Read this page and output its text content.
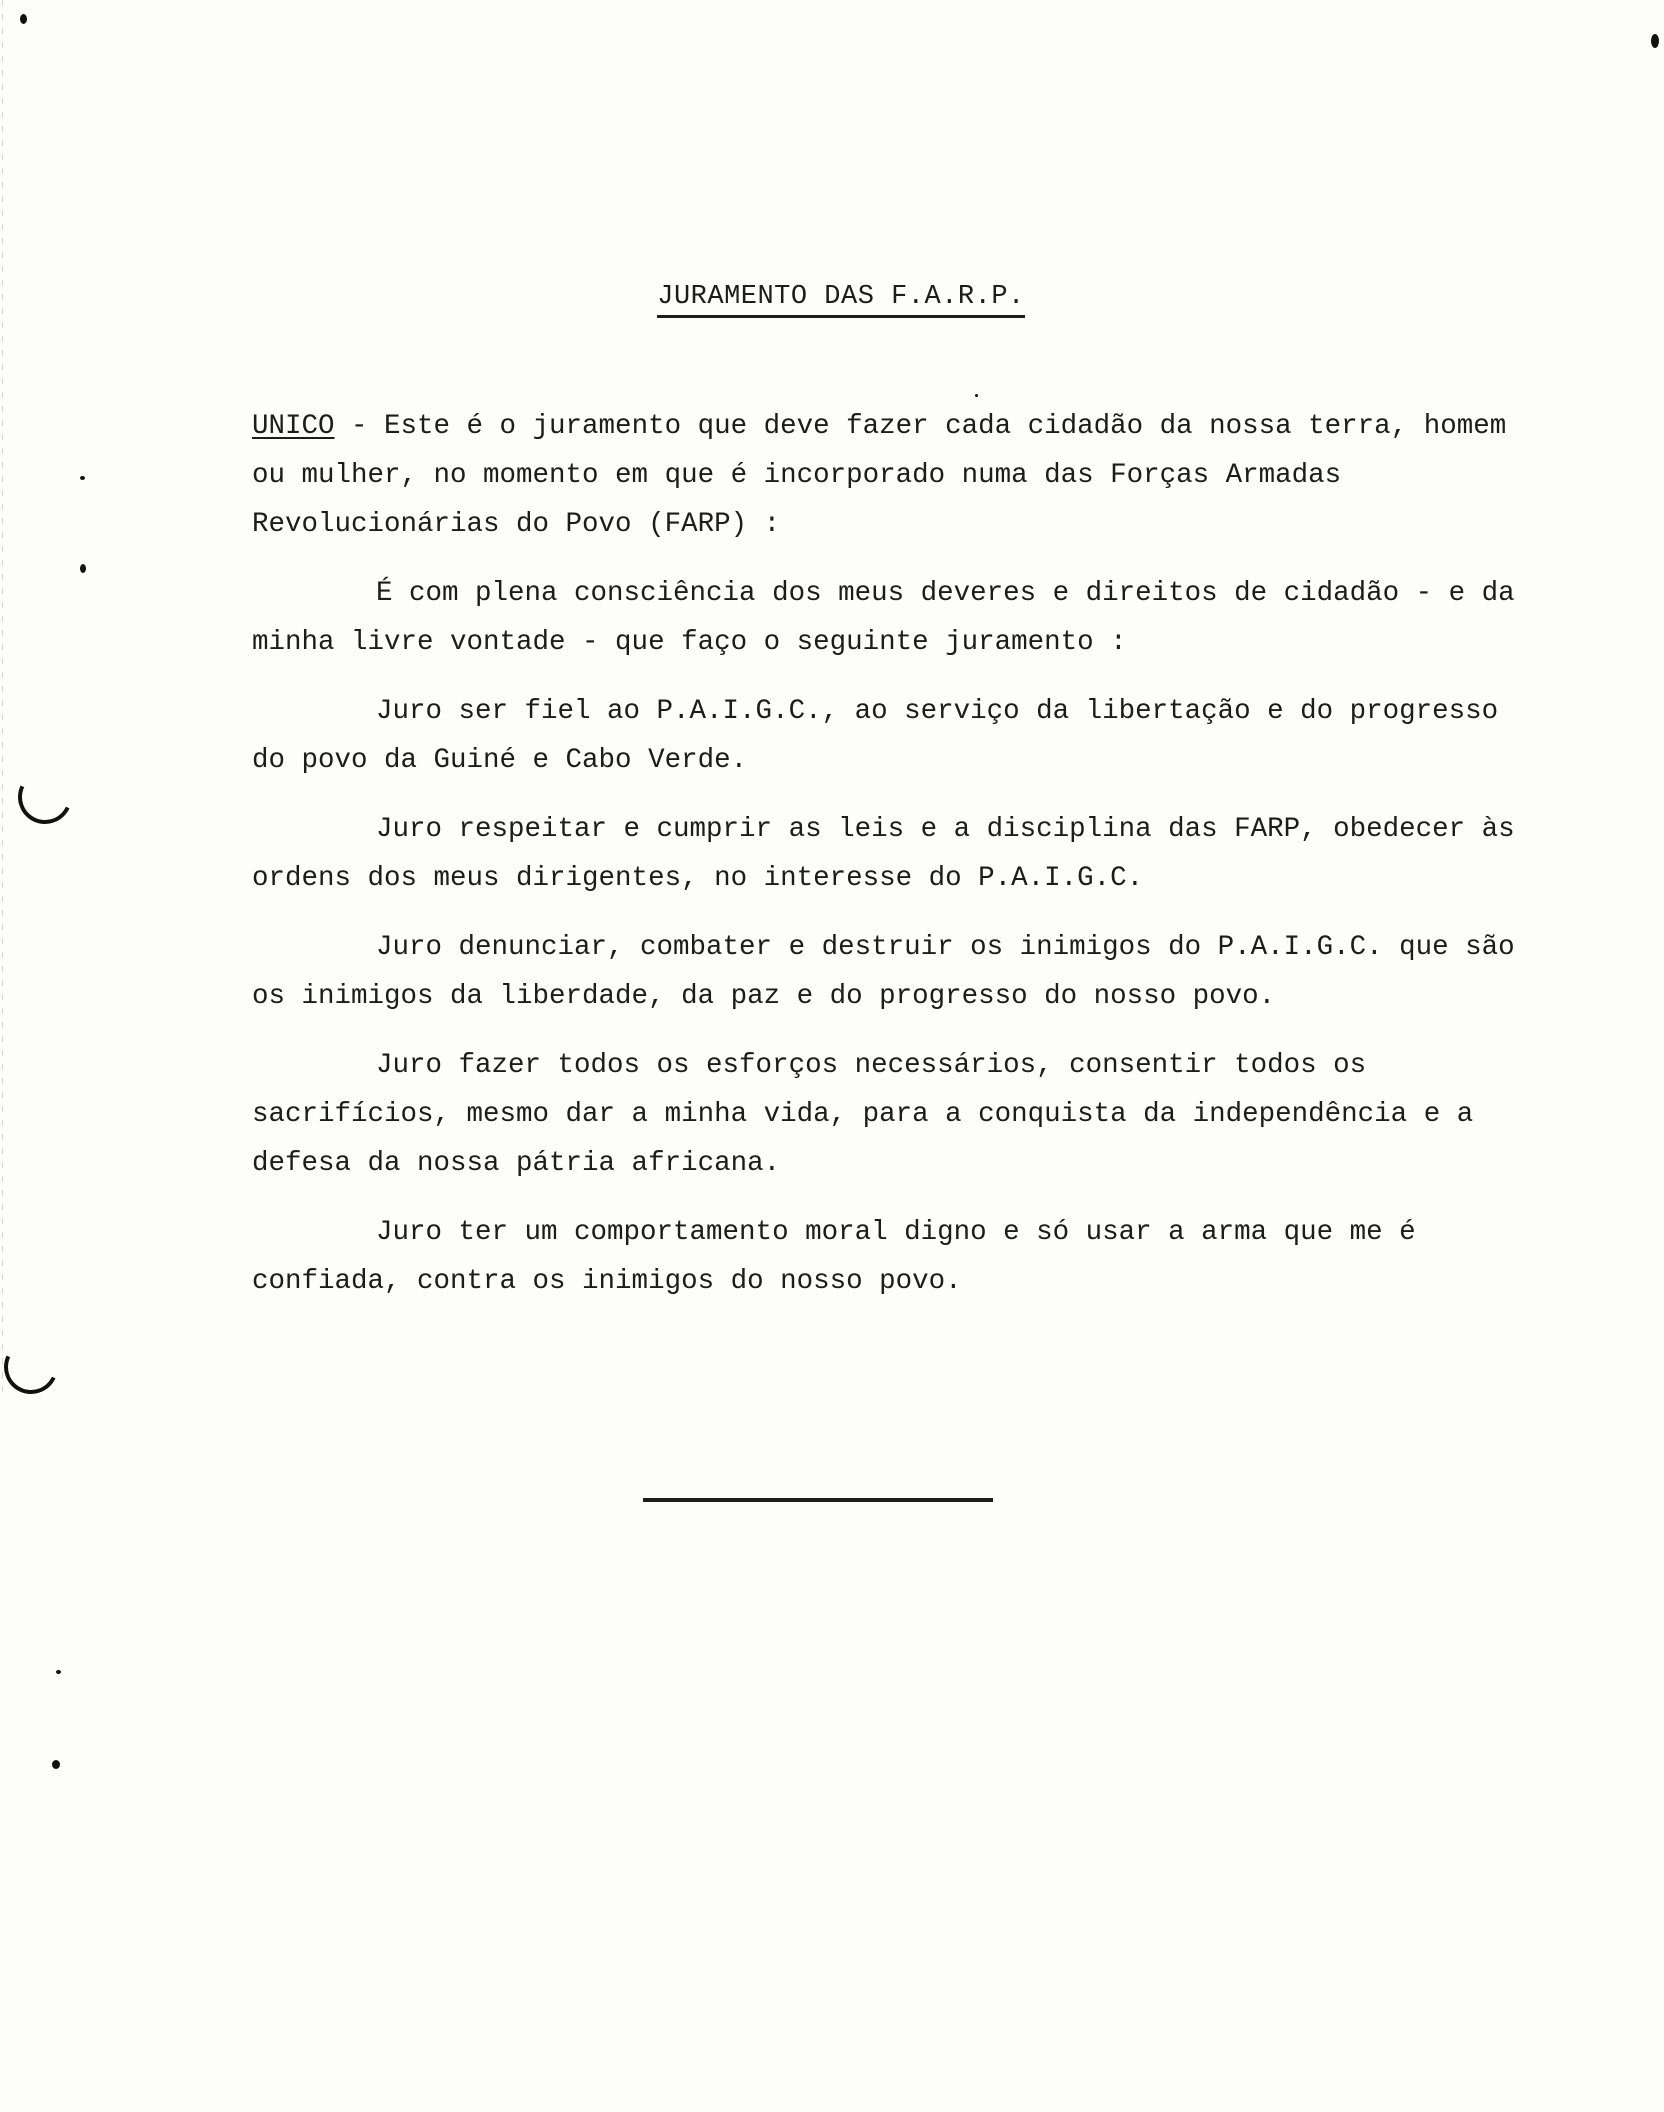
JURAMENTO DAS F.A.R.P.

UNICO - Este é o juramento que deve fazer cada cidadão da nossa terra, homem ou mulher, no momento em que é incorporado numa das Forças Armadas Revolucionárias do Povo (FARP) :

É com plena consciência dos meus deveres e direitos de cidadão - e da minha livre vontade - que faço o seguinte juramento :

Juro ser fiel ao P.A.I.G.C., ao serviço da libertação e do progresso do povo da Guiné e Cabo Verde.

Juro respeitar e cumprir as leis e a disciplina das FARP, obedecer às ordens dos meus dirigentes, no interesse do P.A.I.G.C.

Juro denunciar, combater e destruir os inimigos do P.A.I.G.C. que são os inimigos da liberdade, da paz e do progresso do nosso povo.

Juro fazer todos os esforços necessários, consentir todos os sacrifícios, mesmo dar a minha vida, para a conquista da independência e a defesa da nossa pátria africana.

Juro ter um comportamento moral digno e só usar a arma que me é confiada, contra os inimigos do nosso povo.
